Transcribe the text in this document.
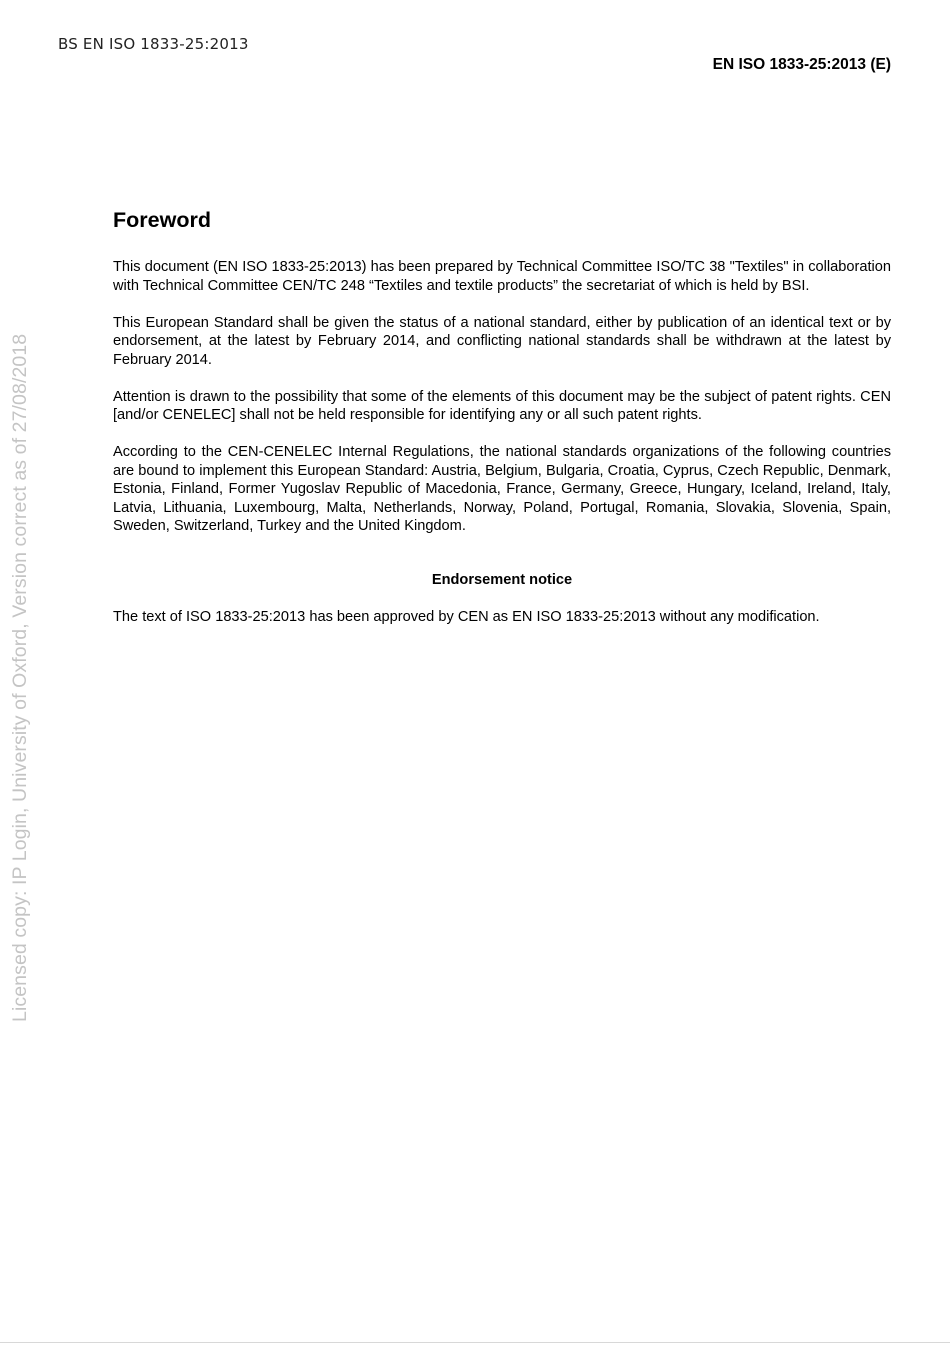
BS EN ISO 1833-25:2013
EN ISO 1833-25:2013 (E)
Licensed copy: IP Login, University of Oxford, Version correct as of 27/08/2018
Foreword

This document (EN ISO 1833-25:2013) has been prepared by Technical Committee ISO/TC 38 "Textiles" in collaboration with Technical Committee CEN/TC 248 “Textiles and textile products” the secretariat of which is held by BSI.

This European Standard shall be given the status of a national standard, either by publication of an identical text or by endorsement, at the latest by February 2014, and conflicting national standards shall be withdrawn at the latest by February 2014.

Attention is drawn to the possibility that some of the elements of this document may be the subject of patent rights. CEN [and/or CENELEC] shall not be held responsible for identifying any or all such patent rights.

According to the CEN-CENELEC Internal Regulations, the national standards organizations of the following countries are bound to implement this European Standard: Austria, Belgium, Bulgaria, Croatia, Cyprus, Czech Republic, Denmark, Estonia, Finland, Former Yugoslav Republic of Macedonia, France, Germany, Greece, Hungary, Iceland, Ireland, Italy, Latvia, Lithuania, Luxembourg, Malta, Netherlands, Norway, Poland, Portugal, Romania, Slovakia, Slovenia, Spain, Sweden, Switzerland, Turkey and the United Kingdom.

Endorsement notice

The text of ISO 1833-25:2013 has been approved by CEN as EN ISO 1833-25:2013 without any modification.
